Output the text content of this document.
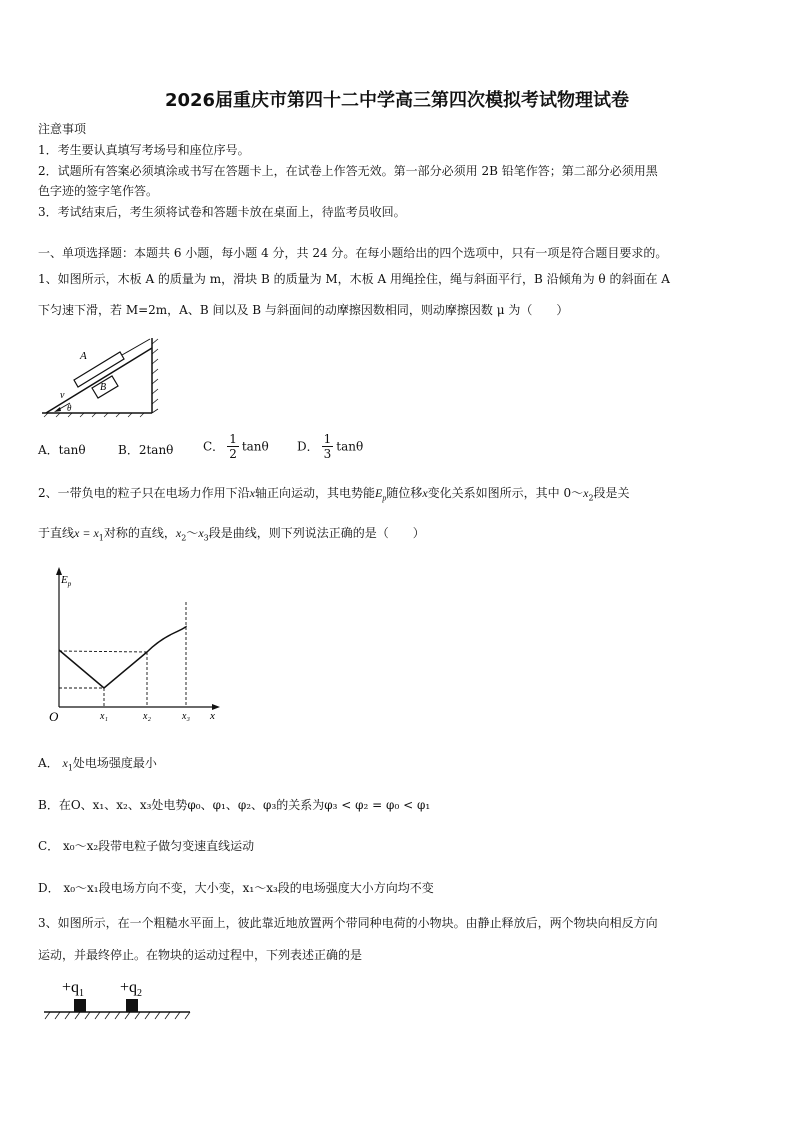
2026届重庆市第四十二中学高三第四次模拟考试物理试卷
注意事项
1．考生要认真填写考场号和座位序号。
2．试题所有答案必须填涂或书写在答题卡上，在试卷上作答无效。第一部分必须用 2B 铅笔作答；第二部分必须用黑
色字迹的签字笔作答。
3．考试结束后，考生须将试卷和答题卡放在桌面上，待监考员收回。
一、单项选择题：本题共 6 小题，每小题 4 分，共 24 分。在每小题给出的四个选项中，只有一项是符合题目要求的。
1、如图所示，木板 A 的质量为 m，滑块 B 的质量为 M，木板 A 用绳拴住，绳与斜面平行，B 沿倾角为 θ 的斜面在 A
下匀速下滑，若 M=2m，A、B 间以及 B 与斜面间的动摩擦因数相同，则动摩擦因数 μ 为（　　）
A
B
v
θ
A．tanθ	B．2tanθ C． $\frac{1}{2}$ tanθ D． $\frac{1}{3}$ tanθ
2、一带负电的粒子只在电场力作用下沿x轴正向运动，其电势能$E_p$随位移x变化关系如图所示，其中 $0\sim x_2$段是关
于直线$x = x_1$对称的直线，$x_2\sim x_3$段是曲线，则下列说法正确的是（　　）
$E_p$
O	x₁	x₂	x₃ x
A． $x_1$处电场强度最小
B．在O、x₁、x₂、x₃处电势φ₀、φ₁、φ₂、φ₃的关系为φ₃ < φ₂ = φ₀ < φ₁
C． x₀～x₂段带电粒子做匀变速直线运动
D． x₀～x₁段电场方向不变，大小变，x₁～x₃段的电场强度大小方向均不变
3、如图所示，在一个粗糙水平面上，彼此靠近地放置两个带同种电荷的小物块。由静止释放后，两个物块向相反方向
运动，并最终停止。在物块的运动过程中，下列表述正确的是
$+q_1 +q_2$
